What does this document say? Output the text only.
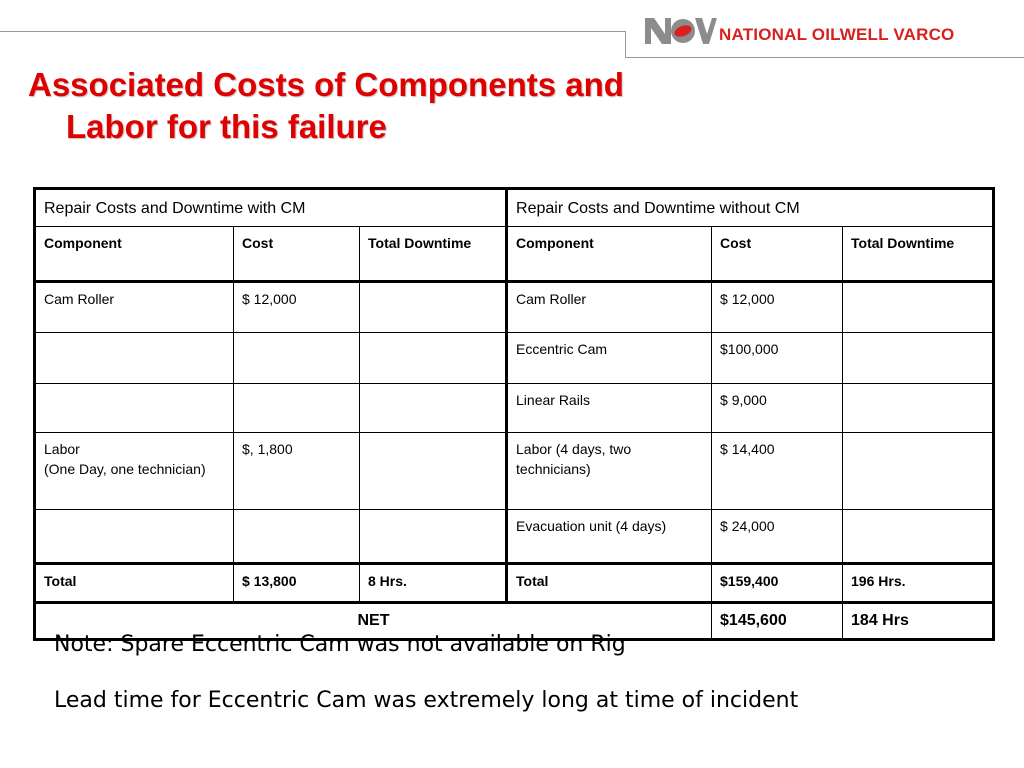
NATIONAL OILWELL VARCO
Associated Costs of Components and
Labor for this failure
Repair Costs and Downtime with CM			Repair Costs and Downtime without CM		
Component	Cost	Total Downtime	Component	Cost	Total Downtime
Cam Roller	$ 12,000		Cam Roller	$ 12,000	
			Eccentric Cam	$100,000	
			Linear Rails	$ 9,000	
Labor
(One Day, one technician)	$, 1,800		Labor (4 days, two technicians)	$ 14,400	
			Evacuation unit (4 days)	$ 24,000	
Total	$ 13,800	8 Hrs.	Total	$159,400	196 Hrs.
NET				$145,600	184 Hrs
Note: Spare Eccentric Cam was not available on Rig
Lead time for Eccentric Cam was extremely long at time of incident
